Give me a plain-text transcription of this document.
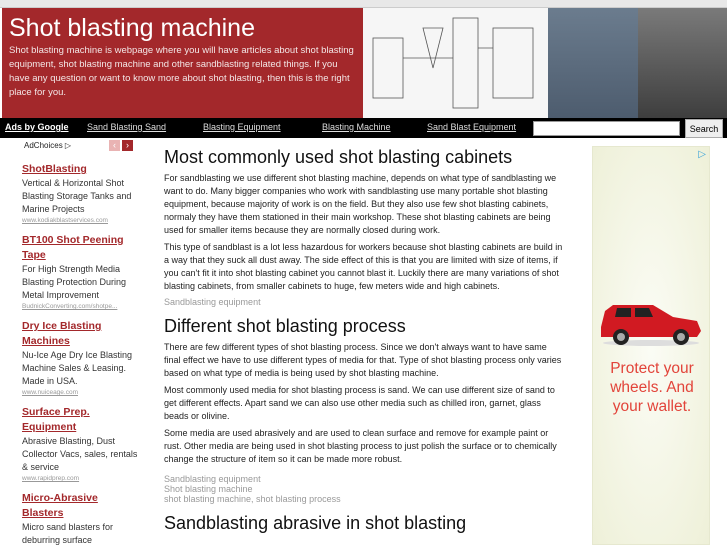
Shot blasting machine

Shot blasting machine is webpage where you will have articles about shot blasting equipment, shot blasting machine and other sandblasting related things. If you have any question or want to know more about shot blasting, then this is the right place for you.

Ads by Google Sand Blasting Sand	Blasting Equipment	Blasting Machine	Sand Blast Equipment	Search
AdChoices ▷	‹	›
ShotBlasting
Vertical & Horizontal Shot Blasting Storage Tanks and Marine Projects
www.kodiakblastservices.com
BT100 Shot Peening Tape
For High Strength Media Blasting Protection During Metal Improvement
BudnickConverting.com/shotpe...
Dry Ice Blasting Machines
Nu-Ice Age Dry Ice Blasting Machine Sales & Leasing. Made in USA.
www.nuiceage.com
Surface Prep. Equipment
Abrasive Blasting, Dust Collector Vacs, sales, rentals & service
www.rapidprep.com
Micro-Abrasive Blasters
Micro sand blasters for deburring surface
Most commonly used shot blasting cabinets

For sandblasting we use different shot blasting machine, depends on what type of sandblasting we want to do. Many bigger companies who work with sandblasting use many portable shot blasting equipment, because majority of work is on the field. But they also use few shot blasting cabinets, normaly they have them stationed in their main workshop. These shot blasting cabinets are being used for smaller items because they are normally closed during work.

This type of sandblast is a lot less hazardous for workers because shot blasting cabinets are build in a way that they suck all dust away. The side effect of this is that you are limited with size of items, if you can't fit it into shot blasting cabinet you cannot blast it. Luckily there are many variations of shot blasting cabinets, from smaller cabinets to huge, few meters wide and high cabinets.

Sandblasting equipment
Different shot blasting process

There are few different types of shot blasting process. Since we don't always want to have same final effect we have to use different types of media for that. Type of shot blasting process only varies based on what type of media is being used by shot blasting machine.

Most commonly used media for shot blasting process is sand. We can use different size of sand to get different effects. Apart sand we can also use other media such as chilled iron, garnet, glass beads or olivine.

Some media are used abrasively and are used to clean surface and remove for example paint or rust. Other media are being used in shot blasting process to just polish the surface or to chemically change the structure of item so it can be made more robust.

Sandblasting equipment
Shot blasting machine
shot blasting machine, shot blasting process
Sandblasting abrasive in shot blasting
▷
Protect your wheels. And your wallet.
